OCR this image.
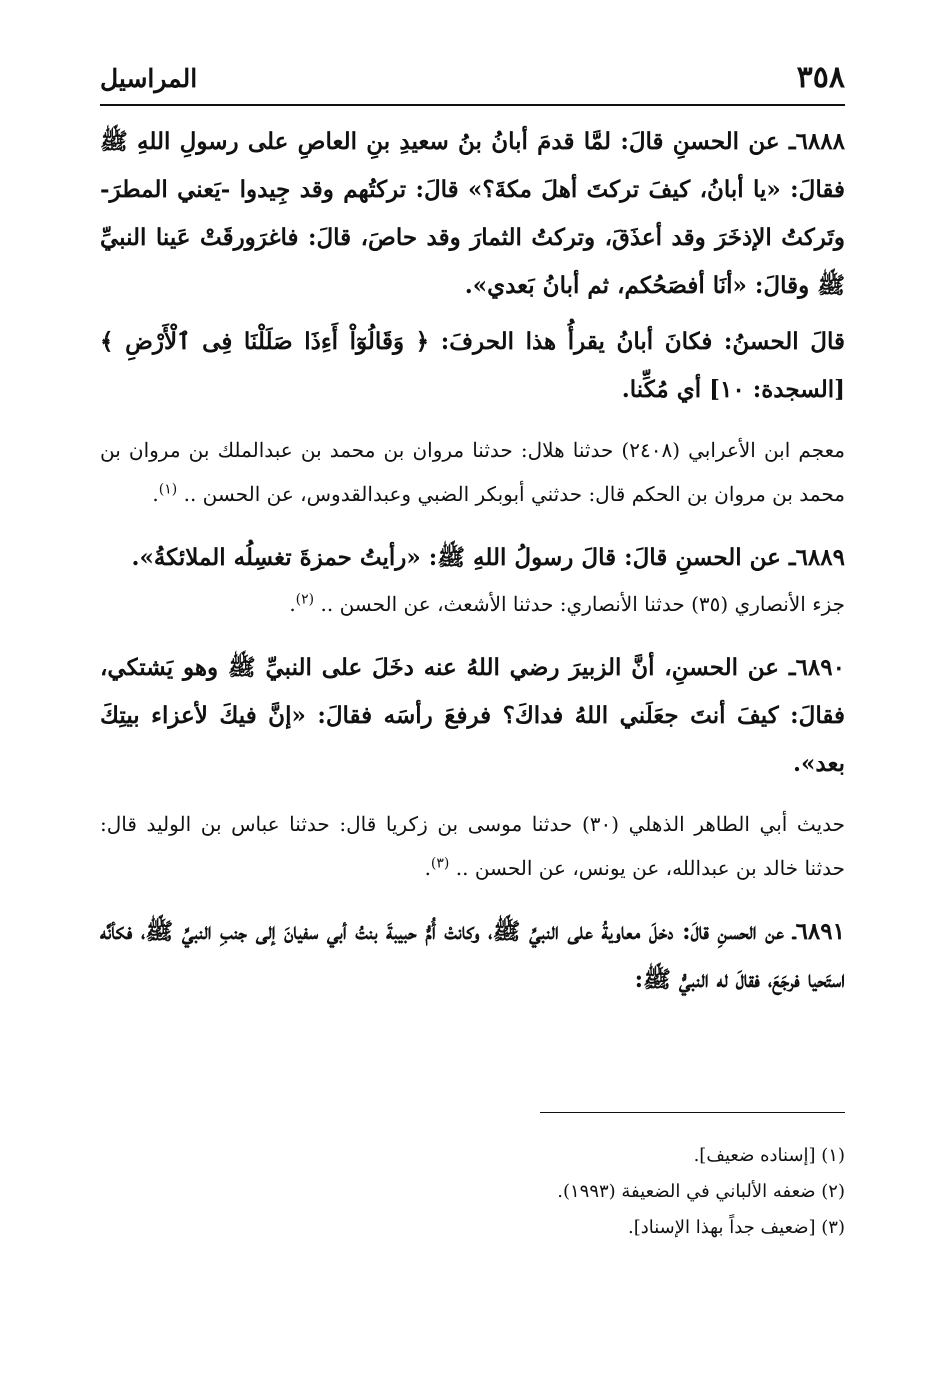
٣٥٨
المراسيل

٦٨٨٨ـ عن الحسنِ قالَ: لمَّا قدمَ أبانُ بنُ سعيدِ بنِ العاصِ على رسولِ اللهِ ﷺ فقالَ: «يا أبانُ، كيفَ تركتَ أهلَ مكةَ؟» قالَ: تركتُهم وقد جِيدوا -يَعني المطرَ- وتَركتُ الإذخَرَ وقد أعذَقَ، وتركتُ الثمارَ وقد حاصَ، قالَ: فاغرَورقَتْ عَينا النبيِّ ﷺ وقالَ: «أنَا أفصَحُكم، ثم أبانُ بَعدي».

قالَ الحسنُ: فكانَ أبانُ يقرأُ هذا الحرفَ: ﴿ وَقَالُوٓاْ أَءِذَا صَلَلْنَا فِى ٱلْأَرْضِ ﴾ [السجدة: ١٠] أي مُكِّنا.

معجم ابن الأعرابي (٢٤٠٨) حدثنا هلال: حدثنا مروان بن محمد بن عبدالملك بن مروان بن محمد بن مروان بن الحكم قال: حدثني أبوبكر الضبي وعبدالقدوس، عن الحسن .. $^{(١)}$.

٦٨٨٩ـ عن الحسنِ قالَ: قالَ رسولُ اللهِ ﷺ: «رأيتُ حمزةَ تغسِلُه الملائكةُ».

جزء الأنصاري (٣٥) حدثنا الأنصاري: حدثنا الأشعث، عن الحسن .. $^{(٢)}$.

٦٨٩٠ـ عن الحسنِ، أنَّ الزبيرَ رضي اللهُ عنه دخَلَ على النبيِّ ﷺ وهو يَشتكي، فقالَ: كيفَ أنتَ جعَلَني اللهُ فداكَ؟ فرفعَ رأسَه فقالَ: «إنَّ فيكَ لأعزاء بيتِكَ بعد».

حديث أبي الطاهر الذهلي (٣٠) حدثنا موسى بن زكريا قال: حدثنا عباس بن الوليد قال: حدثنا خالد بن عبدالله، عن يونس، عن الحسن .. $^{(٣)}$.

٦٨٩١ـ عن الحسنِ قالَ: دخلَ معاويةُ على النبيِّ ﷺ، وكانتْ أُمُّ حبيبةَ بنتُ أبي سفيانَ إلى جنبِ النبيِّ ﷺ، فكأنَّه استَحيا فرجَعَ، فقالَ له النبيُّ ﷺ:

(١) [إسناده ضعيف].

(٢) ضعفه الألباني في الضعيفة (١٩٩٣).

(٣) [ضعيف جداً بهذا الإسناد].
